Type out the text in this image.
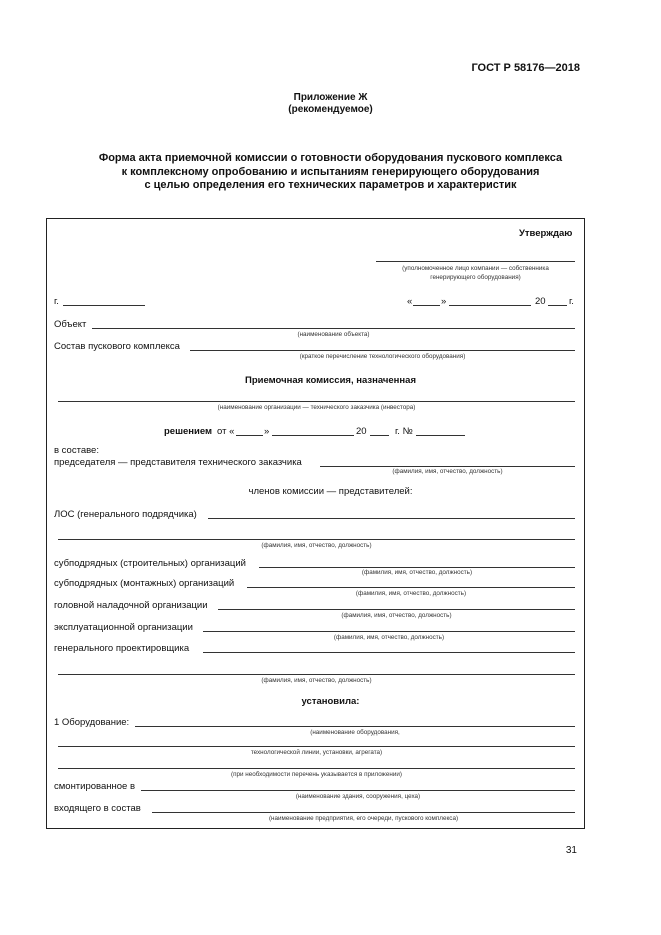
ГОСТ Р 58176—2018
Приложение Ж
(рекомендуемое)
Форма акта приемочной комиссии о готовности оборудования пускового комплекса
к комплексному опробованию и испытаниям генерирующего оборудования
с целью определения его технических параметров и характеристик
Утверждаю
(уполномоченное лицо компании — собственника
генерирующего оборудования)
г.	«	»	20 г.
Объект
(наименование объекта)
Состав пускового комплекса
(краткое перечисление технологического оборудования)
Приемочная комиссия, назначенная
(наименование организации — технического заказчика (инвестора)
решением от «	»	20	г. №
в составе:
председателя — представителя технического заказчика
(фамилия, имя, отчество, должность)
членов комиссии — представителей:
ЛОС (генерального подрядчика)
(фамилия, имя, отчество, должность)
субподрядных (строительных) организаций
(фамилия, имя, отчество, должность)
субподрядных (монтажных) организаций
(фамилия, имя, отчество, должность)
головной наладочной организации
(фамилия, имя, отчество, должность)
эксплуатационной организации
(фамилия, имя, отчество, должность)
генерального проектировщика
(фамилия, имя, отчество, должность)
установила:
1 Оборудование:
(наименование оборудования,
технологической линии, установки, агрегата)
(при необходимости перечень указывается в приложении)
смонтированное в
(наименование здания, сооружения, цеха)
входящего в состав
(наименование предприятия, его очереди, пускового комплекса)
31
